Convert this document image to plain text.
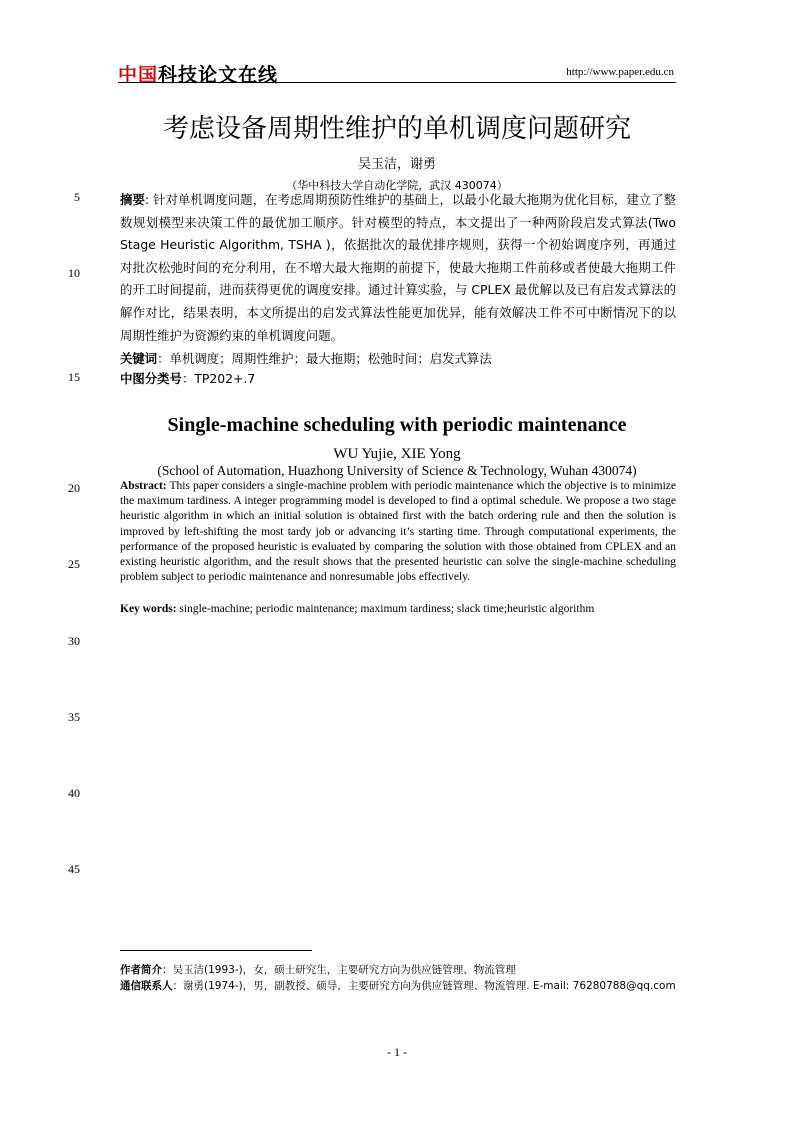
中国科技论文在线	http://www.paper.edu.cn
考虑设备周期性维护的单机调度问题研究
吴玉洁，谢勇
（华中科技大学自动化学院，武汉 430074）
5
10
15
20
25
30
35
40
45
摘要: 针对单机调度问题，在考虑周期预防性维护的基础上，以最小化最大拖期为优化目标，建立了整数规划模型来决策工件的最优加工顺序。针对模型的特点，本文提出了一种两阶段启发式算法(Two Stage Heuristic Algorithm, TSHA )，依据批次的最优排序规则，获得一个初始调度序列，再通过对批次松弛时间的充分利用，在不增大最大拖期的前提下，使最大拖期工件前移或者使最大拖期工件的开工时间提前，进而获得更优的调度安排。通过计算实验，与 CPLEX 最优解以及已有启发式算法的解作对比，结果表明，本文所提出的启发式算法性能更加优异，能有效解决工件不可中断情况下的以周期性维护为资源约束的单机调度问题。
关键词：单机调度；周期性维护；最大拖期；松弛时间；启发式算法
中图分类号：TP202+.7
Single-machine scheduling with periodic maintenance
WU Yujie, XIE Yong
(School of Automation, Huazhong University of Science & Technology, Wuhan 430074)
Abstract: This paper considers a single-machine problem with periodic maintenance which the objective is to minimize the maximum tardiness. A integer programming model is developed to find a optimal schedule. We propose a two stage heuristic algorithm in which an initial solution is obtained first with the batch ordering rule and then the solution is improved by left-shifting the most tardy job or advancing it’s starting time. Through computational experiments, the performance of the proposed heuristic is evaluated by comparing the solution with those obtained from CPLEX and an existing heuristic algorithm, and the result shows that the presented heuristic can solve the single-machine scheduling problem subject to periodic maintenance and nonresumable jobs effectively.
Key words: single-machine; periodic maintenance; maximum tardiness; slack time;heuristic algorithm
作者简介：吴玉洁(1993-)，女，硕士研究生，主要研究方向为供应链管理、物流管理
通信联系人：谢勇(1974-)，男，副教授、硕导，主要研究方向为供应链管理、物流管理. E-mail: 76280788@qq.com
- 1 -
